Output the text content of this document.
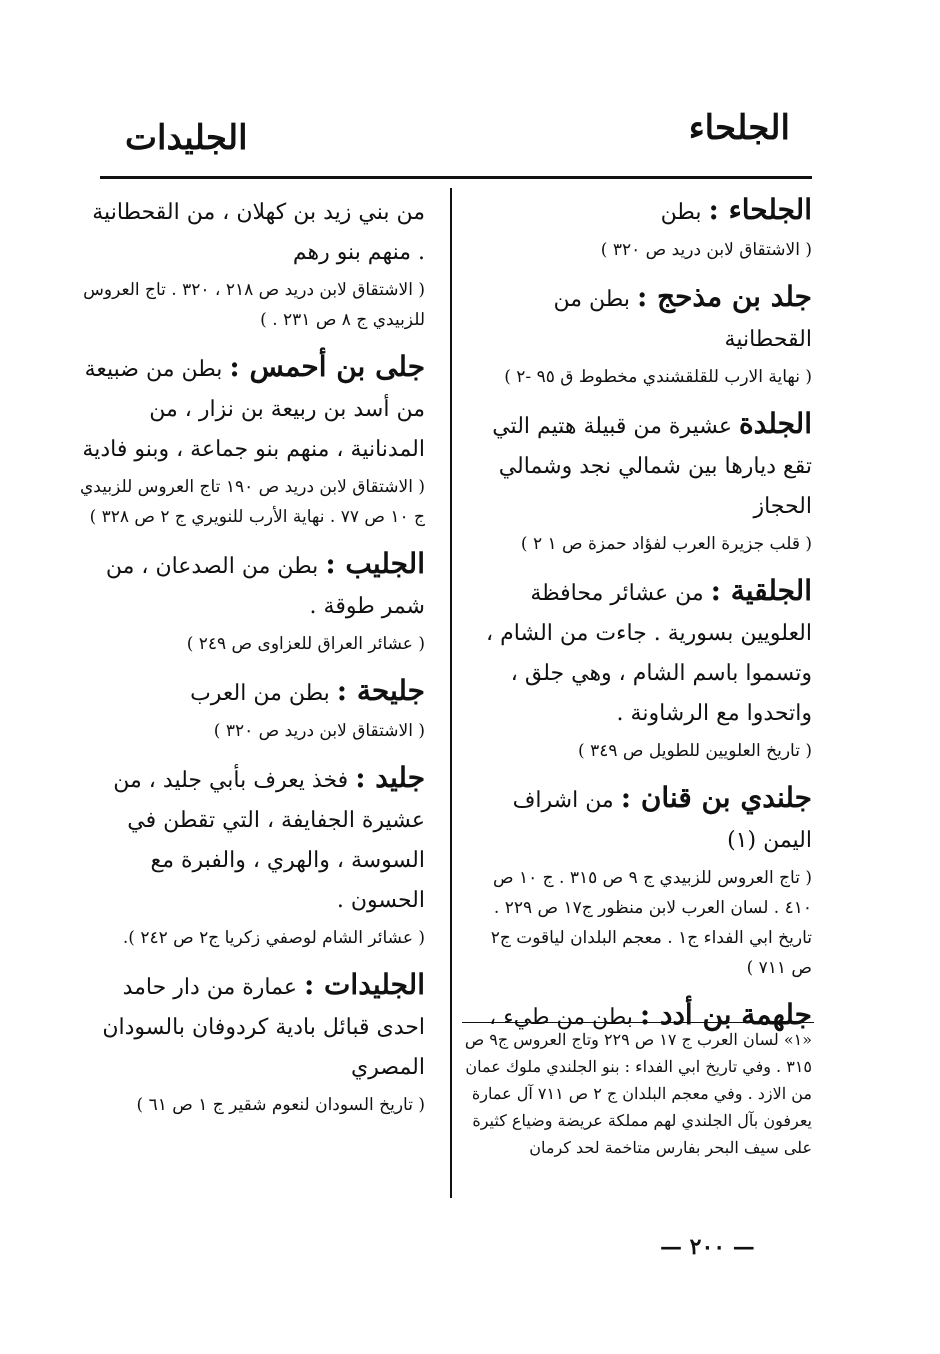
الجلحاء
الجليدات

الجلحاء : بطن

( الاشتقاق لابن دريد ص ٣٢٠ )

جلد بن مذحج : بطن من القحطانية

( نهاية الارب للقلقشندي مخطوط ق ٩٥ -٢ )

الجلدة عشيرة من قبيلة هتيم التي تقع ديارها بين شمالي نجد وشمالي الحجاز

( قلب جزيرة العرب لفؤاد حمزة ص ١ ٢ )

الجلقية : من عشائر محافظة العلويين بسورية . جاءت من الشام ، وتسموا باسم الشام ، وهي جلق ، واتحدوا مع الرشاونة .

( تاريخ العلويين للطويل ص ٣٤٩ )

جلندي بن قنان : من اشراف اليمن (١)

( تاج العروس للزبيدي ج ٩ ص ٣١٥ . ج ١٠ ص ٤١٠ . لسان العرب لابن منظور ج١٧ ص ٢٢٩ . تاريخ ابي الفداء ج١ . معجم البلدان لياقوت ج٢ ص ٧١١ )

جلهمة بن أدد : بطن من طيء ،

«١» لسان العرب ج ١٧ ص ٢٢٩ وتاج العروس ج٩ ص ٣١٥ . وفي تاريخ ابي الفداء : بنو الجلندي ملوك عمان من الازد . وفي معجم البلدان ج ٢ ص ٧١١ آل عمارة يعرفون بآل الجلندي لهم مملكة عريضة وضياع كثيرة على سيف البحر بفارس متاخمة لحد كرمان

من بني زيد بن كهلان ، من القحطانية . منهم بنو رهم

( الاشتقاق لابن دريد ص ٢١٨ ، ٣٢٠ . تاج العروس للزبيدي ج ٨ ص ٢٣١ . )

جلى بن أحمس : بطن من ضبيعة من أسد بن ربيعة بن نزار ، من المدنانية ، منهم بنو جماعة ، وبنو فادية

( الاشتقاق لابن دريد ص ١٩٠ تاج العروس للزبيدي ج ١٠ ص ٧٧ . نهاية الأرب للنويري ج ٢ ص ٣٢٨ )

الجليب : بطن من الصدعان ، من شمر طوقة .

( عشائر العراق للعزاوى ص ٢٤٩ )

جليحة : بطن من العرب

( الاشتقاق لابن دريد ص ٣٢٠ )

جليد : فخذ يعرف بأبي جليد ، من عشيرة الجفايفة ، التي تقطن في السوسة ، والهري ، والفبرة مع الحسون .

( عشائر الشام لوصفي زكريا ج٢ ص ٢٤٢ ).

الجليدات : عمارة من دار حامد احدى قبائل بادية كردوفان بالسودان المصري

( تاريخ السودان لنعوم شقير ج ١ ص ٦١ )

— ٢٠٠ —
